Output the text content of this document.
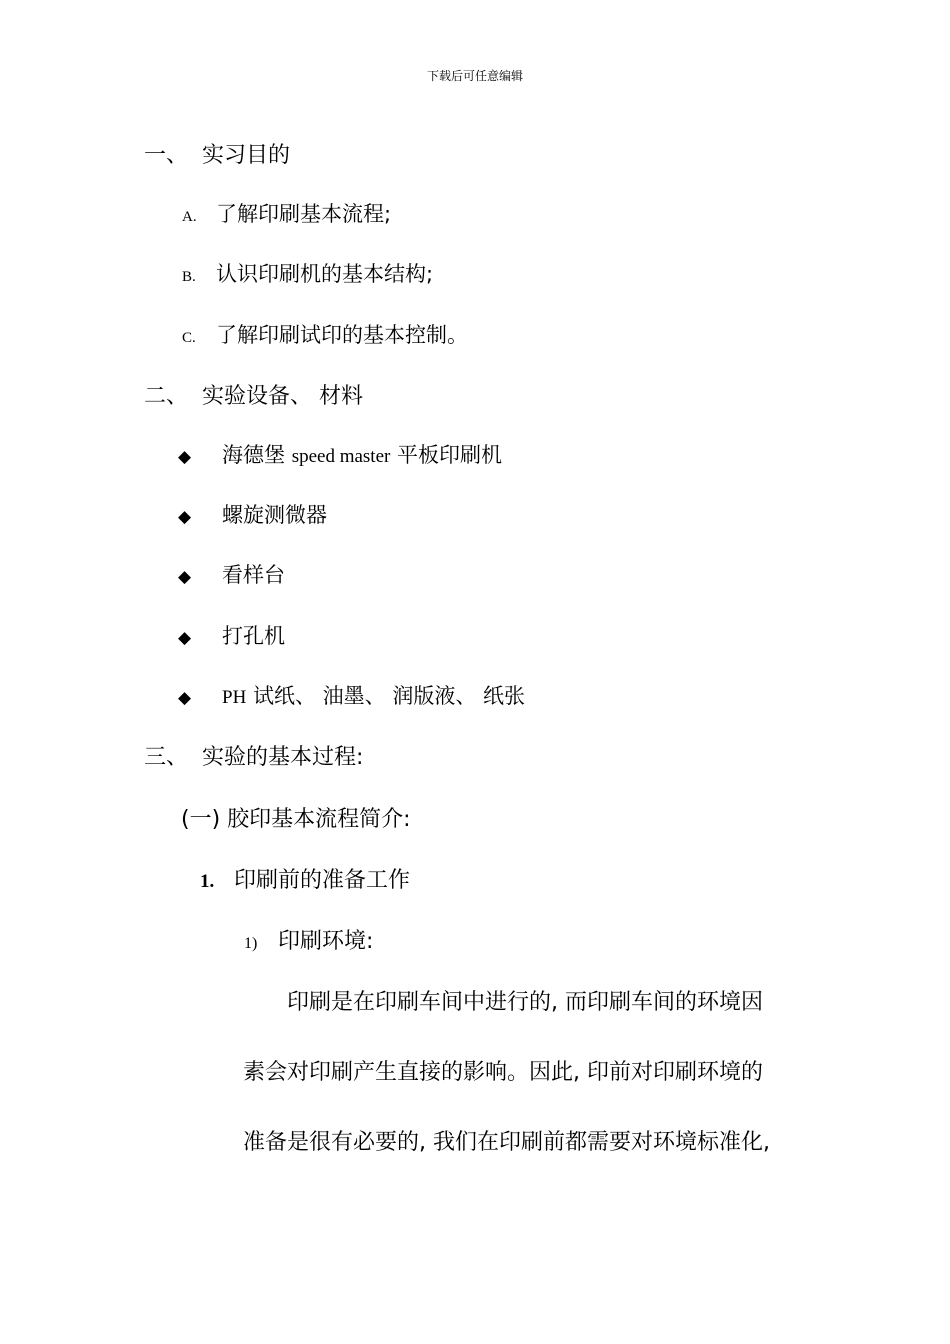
下载后可任意编辑
一、 实习目的
A. 了解印刷基本流程;
B. 认识印刷机的基本结构;
C. 了解印刷试印的基本控制。
二、 实验设备、 材料
◆ 海德堡 speed master 平板印刷机
◆ 螺旋测微器
◆ 看样台
◆ 打孔机
◆ PH 试纸、 油墨、 润版液、 纸张
三、 实验的基本过程:
(一) 胶印基本流程简介:
1. 印刷前的准备工作
1) 印刷环境:
印刷是在印刷车间中进行的, 而印刷车间的环境因
素会对印刷产生直接的影响。因此, 印前对印刷环境的
准备是很有必要的, 我们在印刷前都需要对环境标准化,
